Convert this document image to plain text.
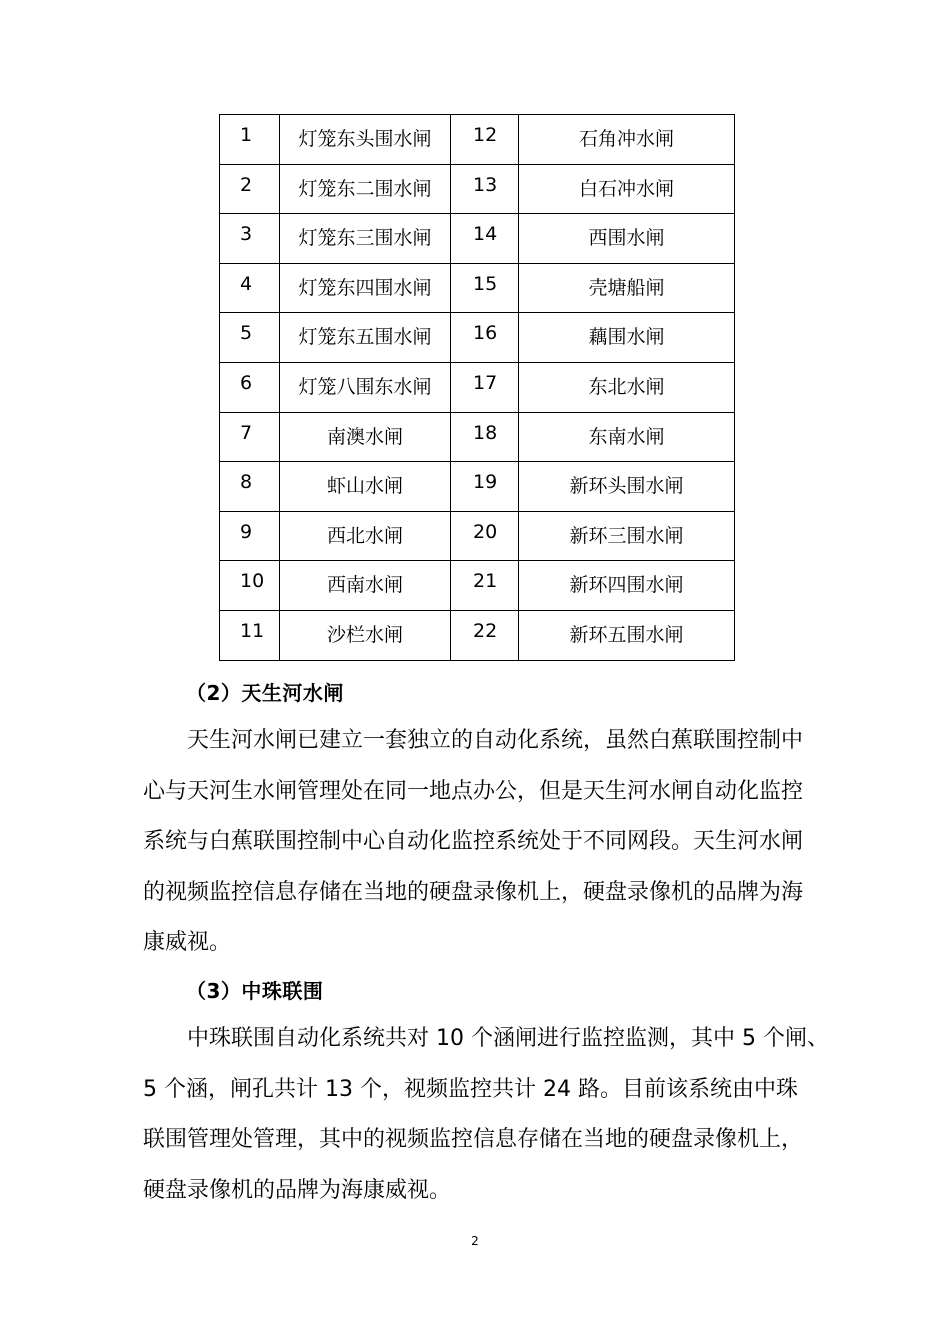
1	灯笼东头围水闸	12	石角冲水闸
2	灯笼东二围水闸	13	白石冲水闸
3	灯笼东三围水闸	14	西围水闸
4	灯笼东四围水闸	15	壳塘船闸
5	灯笼东五围水闸	16	藕围水闸
6	灯笼八围东水闸	17	东北水闸
7	南澳水闸	18	东南水闸
8	虾山水闸	19	新环头围水闸
9	西北水闸	20	新环三围水闸
10	西南水闸	21	新环四围水闸
11	沙栏水闸	22	新环五围水闸
（2）天生河水闸
天生河水闸已建立一套独立的自动化系统，虽然白蕉联围控制中
心与天河生水闸管理处在同一地点办公，但是天生河水闸自动化监控
系统与白蕉联围控制中心自动化监控系统处于不同网段。天生河水闸
的视频监控信息存储在当地的硬盘录像机上，硬盘录像机的品牌为海
康威视。
（3）中珠联围
中珠联围自动化系统共对 10 个涵闸进行监控监测，其中 5 个闸、
5 个涵，闸孔共计 13 个，视频监控共计 24 路。目前该系统由中珠
联围管理处管理，其中的视频监控信息存储在当地的硬盘录像机上，
硬盘录像机的品牌为海康威视。
2
